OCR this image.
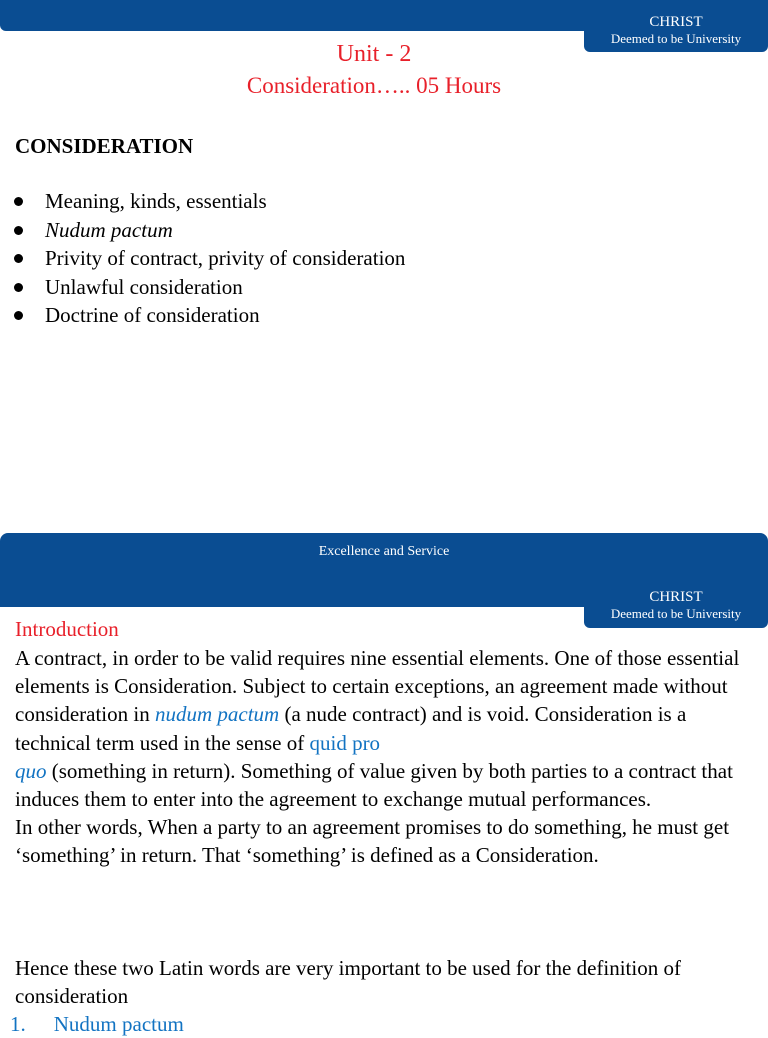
CHRIST
Deemed to be University
Unit - 2
Consideration….. 05 Hours
CONSIDERATION
Meaning, kinds, essentials
Nudum pactum
Privity of contract, privity of consideration
Unlawful consideration
Doctrine of consideration
Excellence and Service
CHRIST
Deemed to be University
Introduction

A contract, in order to be valid requires nine essential elements. One of those essential elements is Consideration. Subject to certain exceptions, an agreement made without consideration in nudum pactum (a nude contract) and is void. Consideration is a technical term used in the sense of quid pro
quo (something in return). Something of value given by both parties to a contract that induces them to enter into the agreement to exchange mutual performances.

In other words, When a party to an agreement promises to do something, he must get ‘something’ in return. That ‘something’ is defined as a Consideration.

Hence these two Latin words are very important to be used for the definition of consideration
1. Nudum pactum
